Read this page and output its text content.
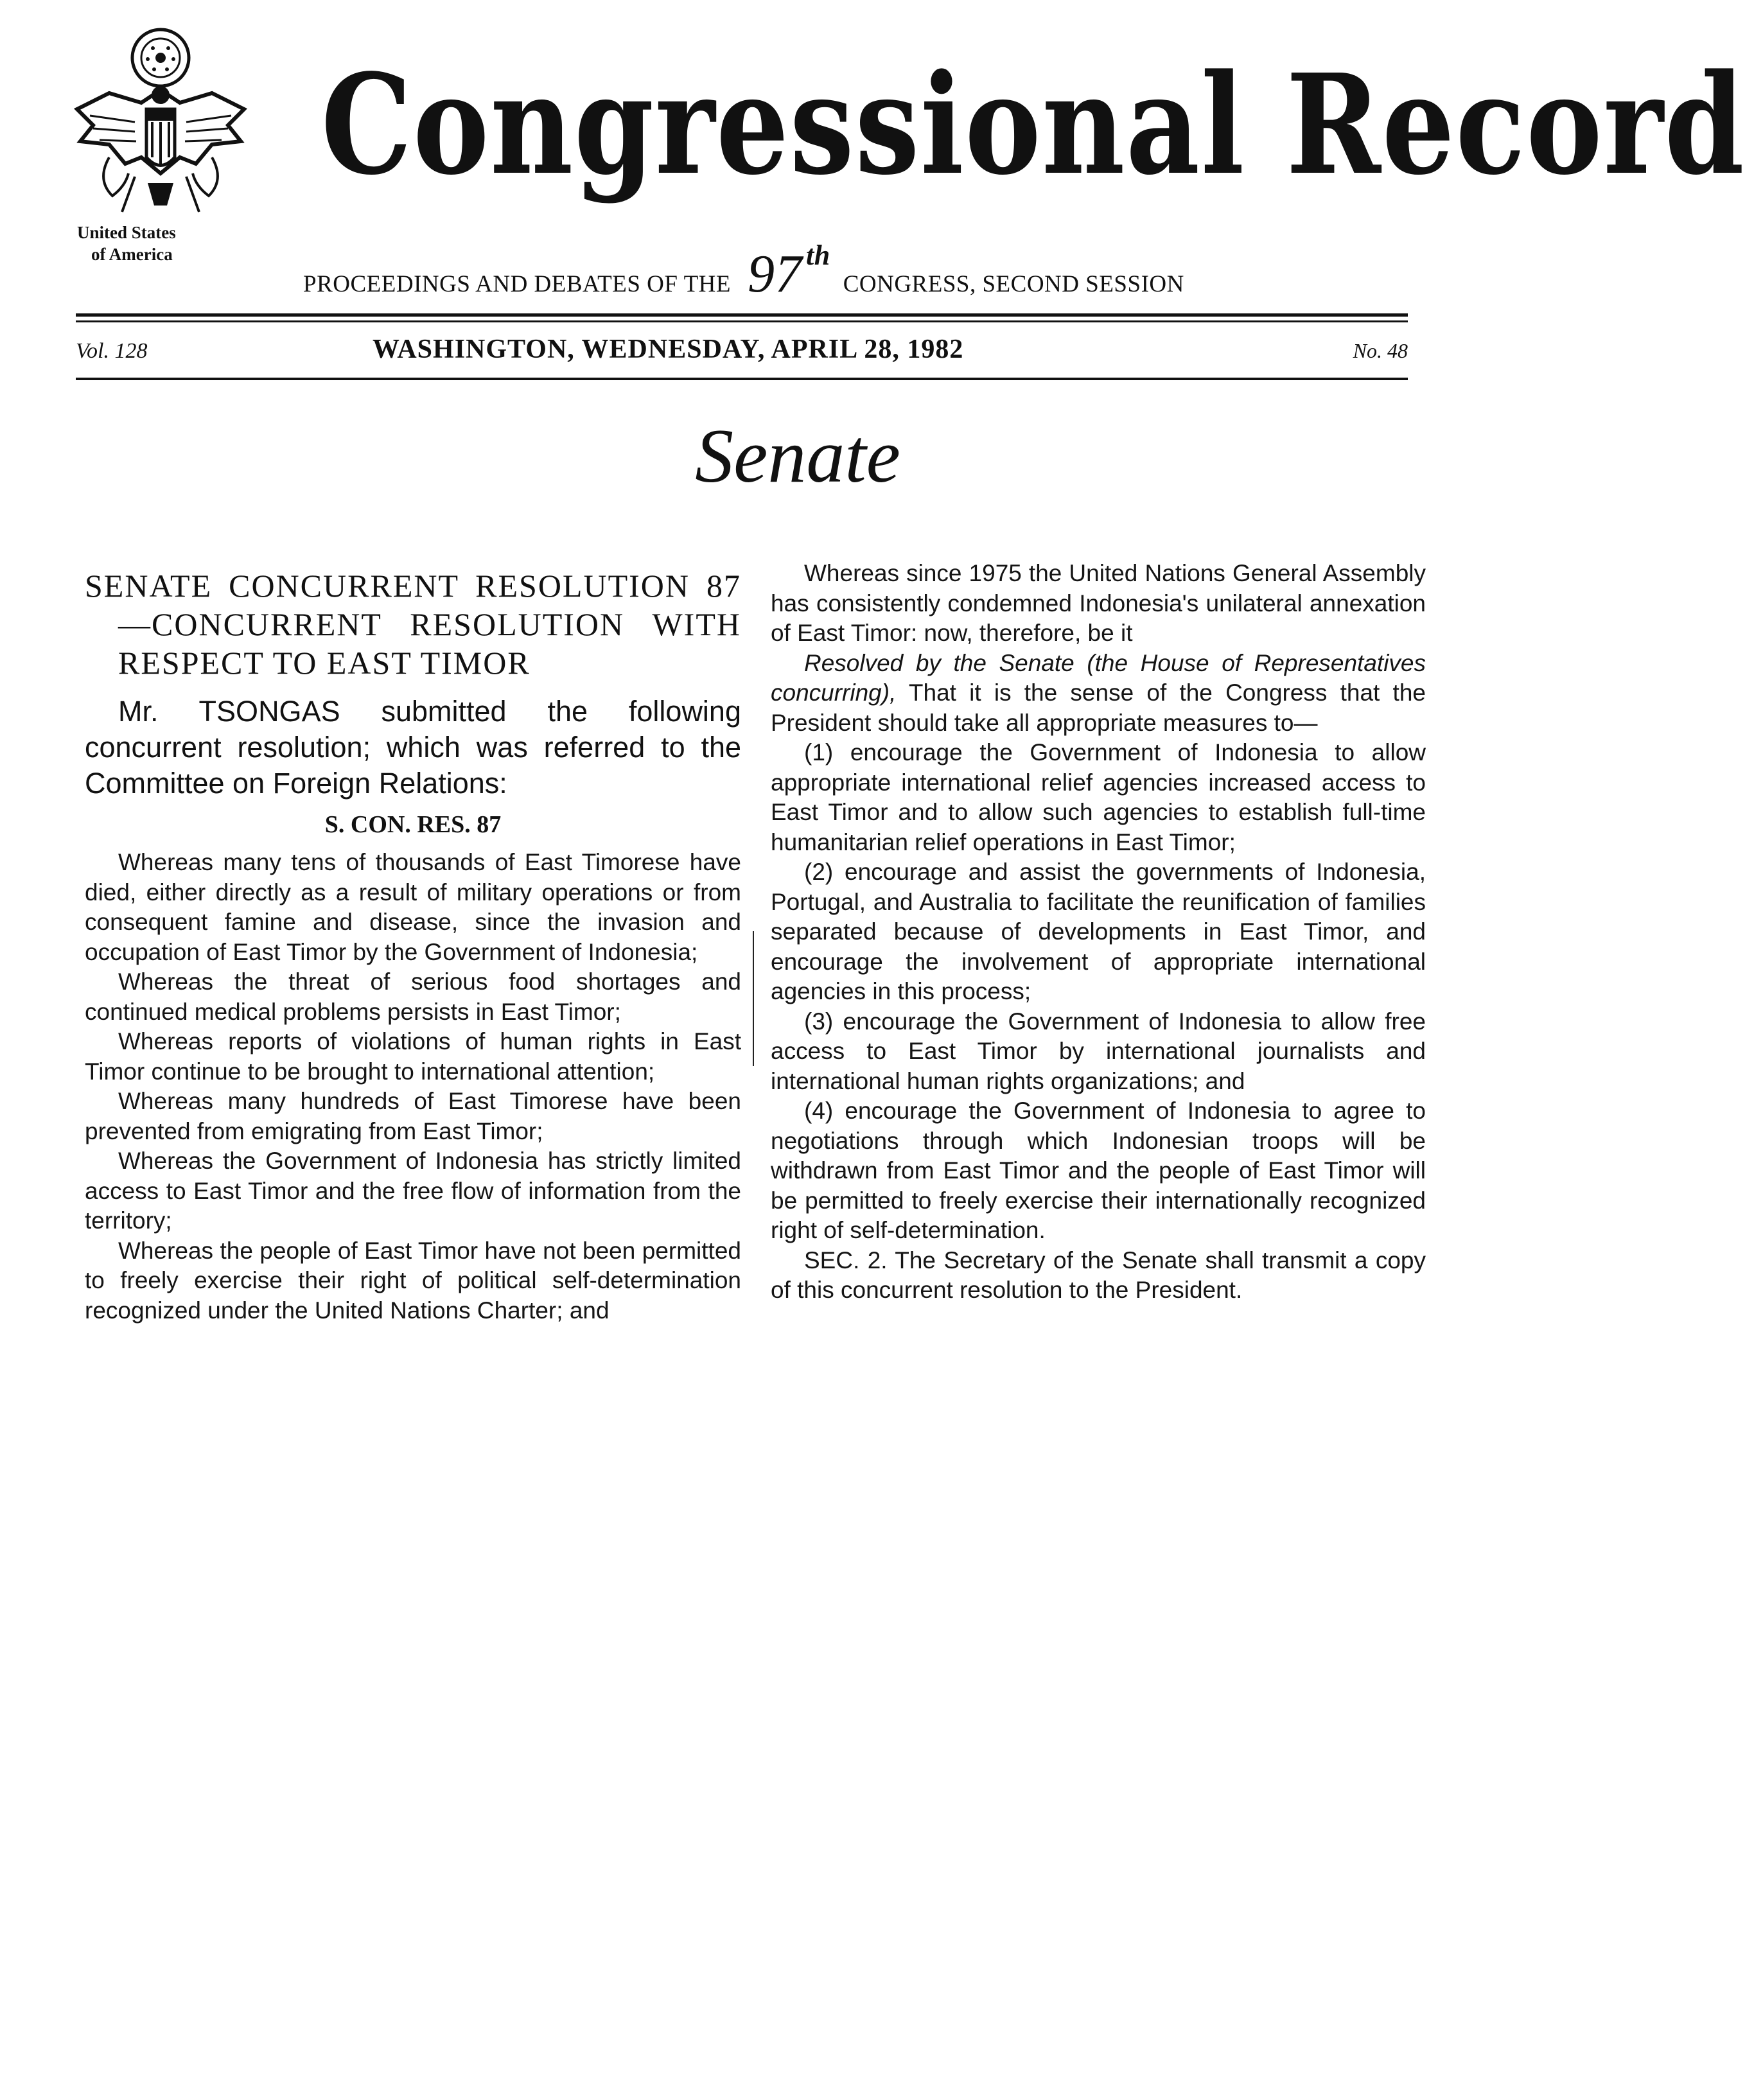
United States
of America
Congressional Record
PROCEEDINGS AND DEBATES OF THE 97 $^{th}$
CONGRESS, SECOND SESSION
Vol. 128	WASHINGTON, WEDNESDAY, APRIL 28, 1982	No. 48
Senate
SENATE CONCURRENT RESOLUTION 87—CONCURRENT RESOLUTION WITH RESPECT TO EAST TIMOR

Mr. TSONGAS submitted the following concurrent resolution; which was referred to the Committee on Foreign Relations:

S. CON. RES. 87

Whereas many tens of thousands of East Timorese have died, either directly as a result of military operations or from consequent famine and disease, since the invasion and occupation of East Timor by the Government of Indonesia;

Whereas the threat of serious food shortages and continued medical problems persists in East Timor;

Whereas reports of violations of human rights in East Timor continue to be brought to international attention;

Whereas many hundreds of East Timorese have been prevented from emigrating from East Timor;

Whereas the Government of Indonesia has strictly limited access to East Timor and the free flow of information from the territory;

Whereas the people of East Timor have not been permitted to freely exercise their right of political self-determination recognized under the United Nations Charter; and

Whereas since 1975 the United Nations General Assembly has consistently condemned Indonesia's unilateral annexation of East Timor: now, therefore, be it

Resolved by the Senate (the House of Representatives concurring), That it is the sense of the Congress that the President should take all appropriate measures to—

(1) encourage the Government of Indonesia to allow appropriate international relief agencies increased access to East Timor and to allow such agencies to establish full-time humanitarian relief operations in East Timor;

(2) encourage and assist the governments of Indonesia, Portugal, and Australia to facilitate the reunification of families separated because of developments in East Timor, and encourage the involvement of appropriate international agencies in this process;

(3) encourage the Government of Indonesia to allow free access to East Timor by international journalists and international human rights organizations; and

(4) encourage the Government of Indonesia to agree to negotiations through which Indonesian troops will be withdrawn from East Timor and the people of East Timor will be permitted to freely exercise their internationally recognized right of self-determination.

SEC. 2. The Secretary of the Senate shall transmit a copy of this concurrent resolution to the President.
